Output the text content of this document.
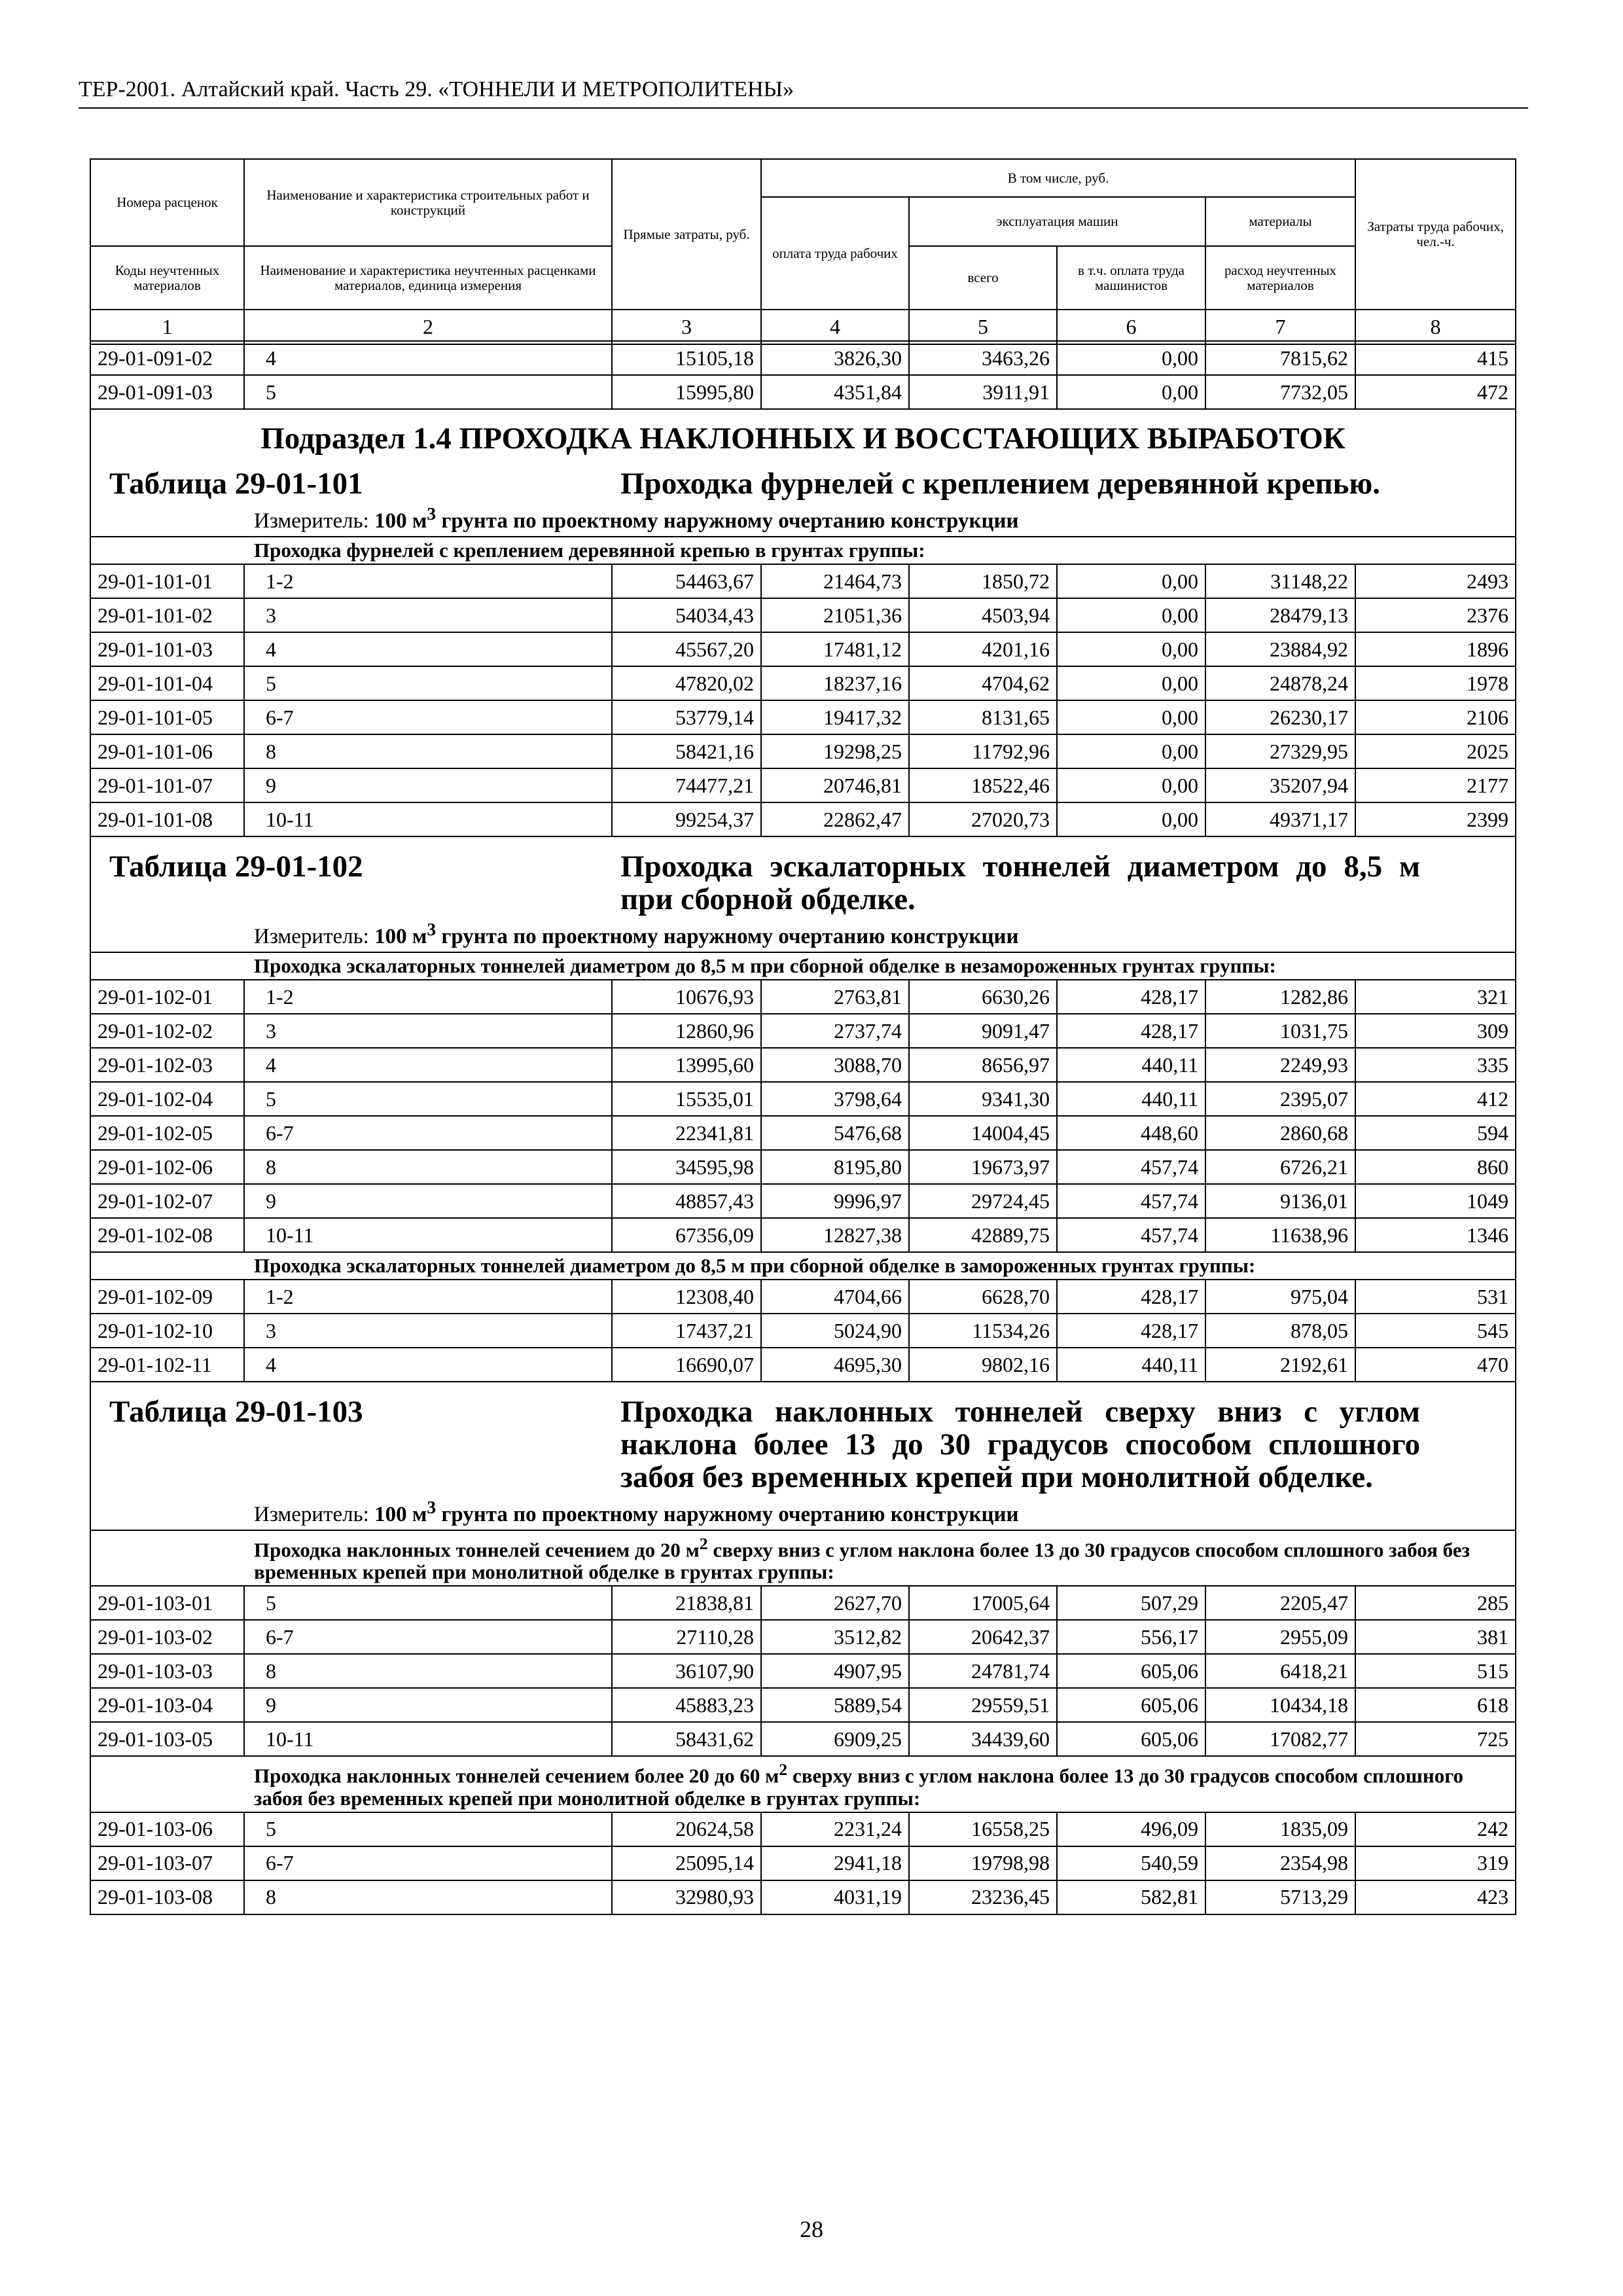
ТЕР-2001. Алтайский край. Часть 29. «ТОННЕЛИ И МЕТРОПОЛИТЕНЫ»
Номера расценок	Наименование и характеристика строительных работ и конструкций	Прямые затраты, руб.	В том числе, руб.				Затраты труда рабочих, чел.-ч.
			оплата труда рабочих	эксплуатация машин		материалы	
Коды неучтенных материалов	Наименование и характеристика неучтенных расценками материалов, единица измерения			всего	в т.ч. оплата труда машинистов	расход неучтенных материалов	
1	2	3	4	5	6	7	8
29-01-091-02	4	15105,18	3826,30	3463,26	0,00	7815,62	415
29-01-091-03	5	15995,80	4351,84	3911,91	0,00	7732,05	472

Подраздел 1.4 ПРОХОДКА НАКЛОННЫХ И ВОССТАЮЩИХ ВЫРАБОТОК
Таблица 29-01-101 Проходка фурнелей с креплением деревянной крепью.
Измеритель: 100 $м^3$ грунта по проектному наружному очертанию конструкции							

Проходка фурнелей с креплением деревянной крепью в грунтах группы:							
29-01-101-01	1-2	54463,67	21464,73	1850,72	0,00	31148,22	2493
29-01-101-02	3	54034,43	21051,36	4503,94	0,00	28479,13	2376
29-01-101-03	4	45567,20	17481,12	4201,16	0,00	23884,92	1896
29-01-101-04	5	47820,02	18237,16	4704,62	0,00	24878,24	1978
29-01-101-05	6-7	53779,14	19417,32	8131,65	0,00	26230,17	2106
29-01-101-06	8	58421,16	19298,25	11792,96	0,00	27329,95	2025
29-01-101-07	9	74477,21	20746,81	18522,46	0,00	35207,94	2177
29-01-101-08	10-11	99254,37	22862,47	27020,73	0,00	49371,17	2399

Таблица 29-01-102 Проходка эскалаторных тоннелей диаметром до 8,5 м при сборной обделке.
Измеритель: 100 $м^3$ грунта по проектному наружному очертанию конструкции							

Проходка эскалаторных тоннелей диаметром до 8,5 м при сборной обделке в незамороженных грунтах группы:							
29-01-102-01	1-2	10676,93	2763,81	6630,26	428,17	1282,86	321
29-01-102-02	3	12860,96	2737,74	9091,47	428,17	1031,75	309
29-01-102-03	4	13995,60	3088,70	8656,97	440,11	2249,93	335
29-01-102-04	5	15535,01	3798,64	9341,30	440,11	2395,07	412
29-01-102-05	6-7	22341,81	5476,68	14004,45	448,60	2860,68	594
29-01-102-06	8	34595,98	8195,80	19673,97	457,74	6726,21	860
29-01-102-07	9	48857,43	9996,97	29724,45	457,74	9136,01	1049
29-01-102-08	10-11	67356,09	12827,38	42889,75	457,74	11638,96	1346
Проходка эскалаторных тоннелей диаметром до 8,5 м при сборной обделке в замороженных грунтах группы:							
29-01-102-09	1-2	12308,40	4704,66	6628,70	428,17	975,04	531
29-01-102-10	3	17437,21	5024,90	11534,26	428,17	878,05	545
29-01-102-11	4	16690,07	4695,30	9802,16	440,11	2192,61	470

Таблица 29-01-103 Проходка наклонных тоннелей сверху вниз с углом наклона более 13 до 30 градусов способом сплошного забоя без временных крепей при монолитной обделке.
Измеритель: 100 $м^3$ грунта по проектному наружному очертанию конструкции							

Проходка наклонных тоннелей сечением до 20 $м^2$ сверху вниз с углом наклона более 13 до 30 градусов способом сплошного забоя без временных крепей при монолитной обделке в грунтах группы:							
29-01-103-01	5	21838,81	2627,70	17005,64	507,29	2205,47	285
29-01-103-02	6-7	27110,28	3512,82	20642,37	556,17	2955,09	381
29-01-103-03	8	36107,90	4907,95	24781,74	605,06	6418,21	515
29-01-103-04	9	45883,23	5889,54	29559,51	605,06	10434,18	618
29-01-103-05	10-11	58431,62	6909,25	34439,60	605,06	17082,77	725
Проходка наклонных тоннелей сечением более 20 до 60 $м^2$ сверху вниз с углом наклона более 13 до 30 градусов способом сплошного забоя без временных крепей при монолитной обделке в грунтах группы:							
29-01-103-06	5	20624,58	2231,24	16558,25	496,09	1835,09	242
29-01-103-07	6-7	25095,14	2941,18	19798,98	540,59	2354,98	319
29-01-103-08	8	32980,93	4031,19	23236,45	582,81	5713,29	423
28
